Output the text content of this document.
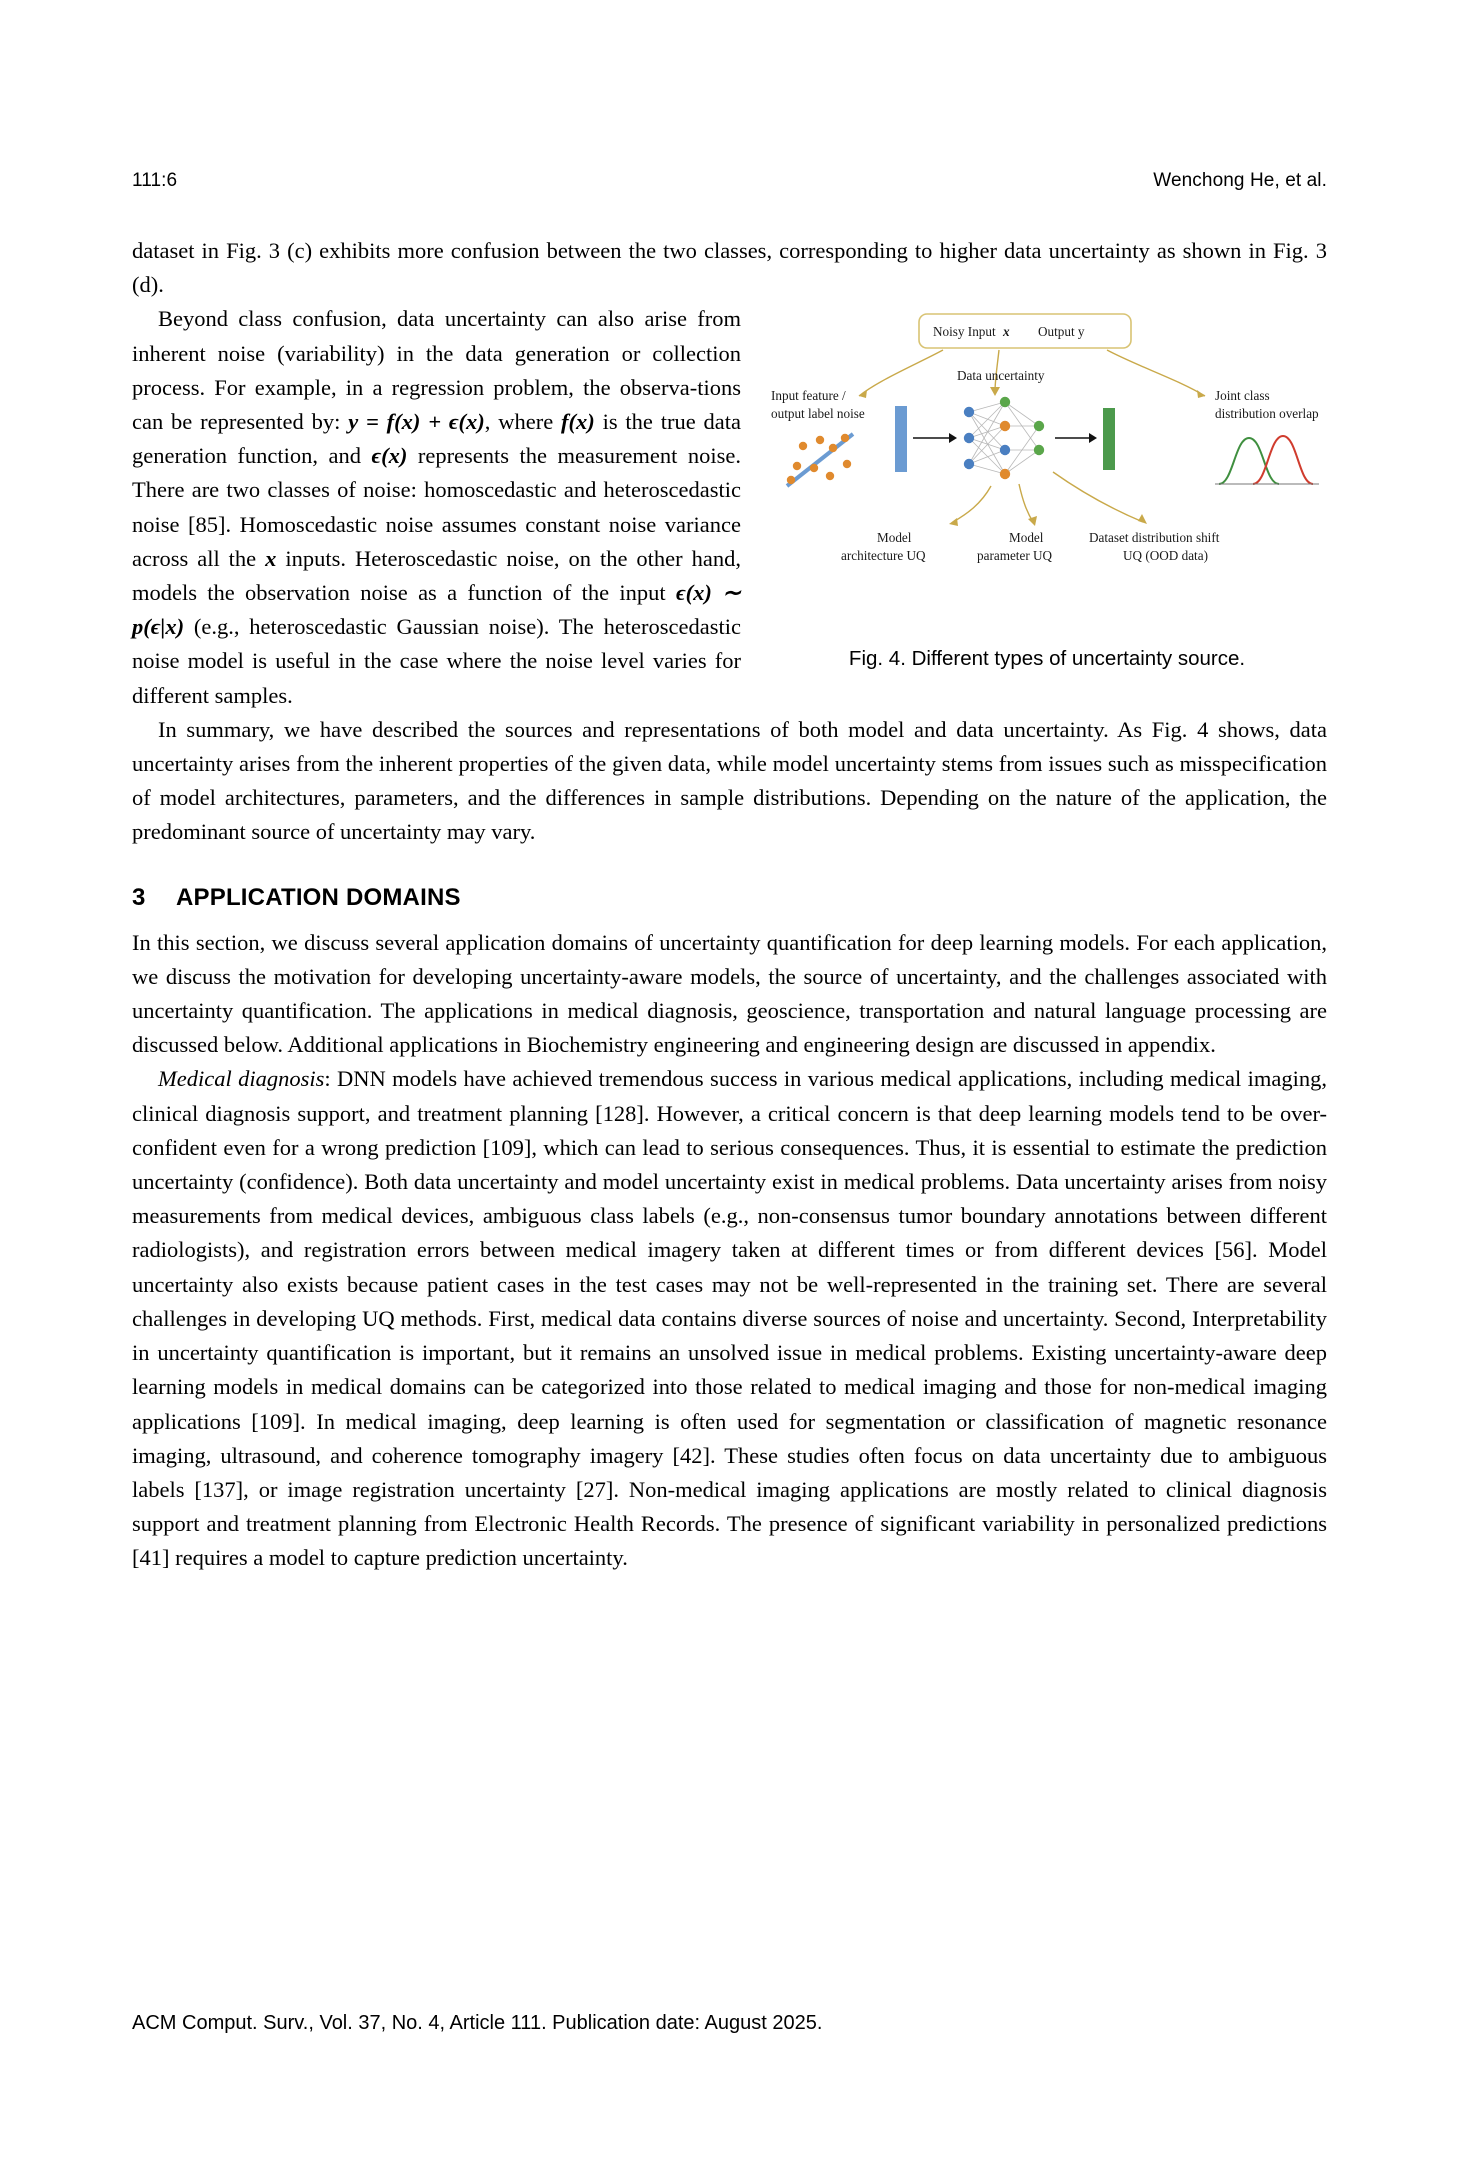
111:6	Wenchong He, et al.

dataset in Fig. 3 (c) exhibits more confusion between the two classes, corresponding to higher data uncertainty as shown in Fig. 3 (d).

Noisy Input x Output y
Input feature /
output label noise
Data uncertainty
Joint class
distribution overlap
Model
architecture UQ
Model
parameter UQ
Dataset distribution shift
UQ (OOD data)
Fig. 4. Different types of uncertainty source.

Beyond class confusion, data uncertainty can also arise from inherent noise (variability) in the data generation or collection process. For example, in a regression problem, the observa-tions can be represented by: y = f(x) + ϵ(x), where f(x) is the true data generation function, and ϵ(x) represents the measurement noise. There are two classes of noise: homoscedastic and heteroscedastic noise [85]. Homoscedastic noise assumes constant noise variance across all the x inputs. Heteroscedastic noise, on the other hand, models the observation noise as a function of the input ϵ(x) ∼ p(ϵ|x) (e.g., heteroscedastic Gaussian noise). The heteroscedastic noise model is useful in the case where the noise level varies for different samples.

In summary, we have described the sources and representations of both model and data uncertainty. As Fig. 4 shows, data uncertainty arises from the inherent properties of the given data, while model uncertainty stems from issues such as misspecification of model architectures, parameters, and the differences in sample distributions. Depending on the nature of the application, the predominant source of uncertainty may vary.

3 APPLICATION DOMAINS

In this section, we discuss several application domains of uncertainty quantification for deep learning models. For each application, we discuss the motivation for developing uncertainty-aware models, the source of uncertainty, and the challenges associated with uncertainty quantification. The applications in medical diagnosis, geoscience, transportation and natural language processing are discussed below. Additional applications in Biochemistry engineering and engineering design are discussed in appendix.

Medical diagnosis: DNN models have achieved tremendous success in various medical applications, including medical imaging, clinical diagnosis support, and treatment planning [128]. However, a critical concern is that deep learning models tend to be over-confident even for a wrong prediction [109], which can lead to serious consequences. Thus, it is essential to estimate the prediction uncertainty (confidence). Both data uncertainty and model uncertainty exist in medical problems. Data uncertainty arises from noisy measurements from medical devices, ambiguous class labels (e.g., non-consensus tumor boundary annotations between different radiologists), and registration errors between medical imagery taken at different times or from different devices [56]. Model uncertainty also exists because patient cases in the test cases may not be well-represented in the training set. There are several challenges in developing UQ methods. First, medical data contains diverse sources of noise and uncertainty. Second, Interpretability in uncertainty quantification is important, but it remains an unsolved issue in medical problems. Existing uncertainty-aware deep learning models in medical domains can be categorized into those related to medical imaging and those for non-medical imaging applications [109]. In medical imaging, deep learning is often used for segmentation or classification of magnetic resonance imaging, ultrasound, and coherence tomography imagery [42]. These studies often focus on data uncertainty due to ambiguous labels [137], or image registration uncertainty [27]. Non-medical imaging applications are mostly related to clinical diagnosis support and treatment planning from Electronic Health Records. The presence of significant variability in personalized predictions [41] requires a model to capture prediction uncertainty.

ACM Comput. Surv., Vol. 37, No. 4, Article 111. Publication date: August 2025.
